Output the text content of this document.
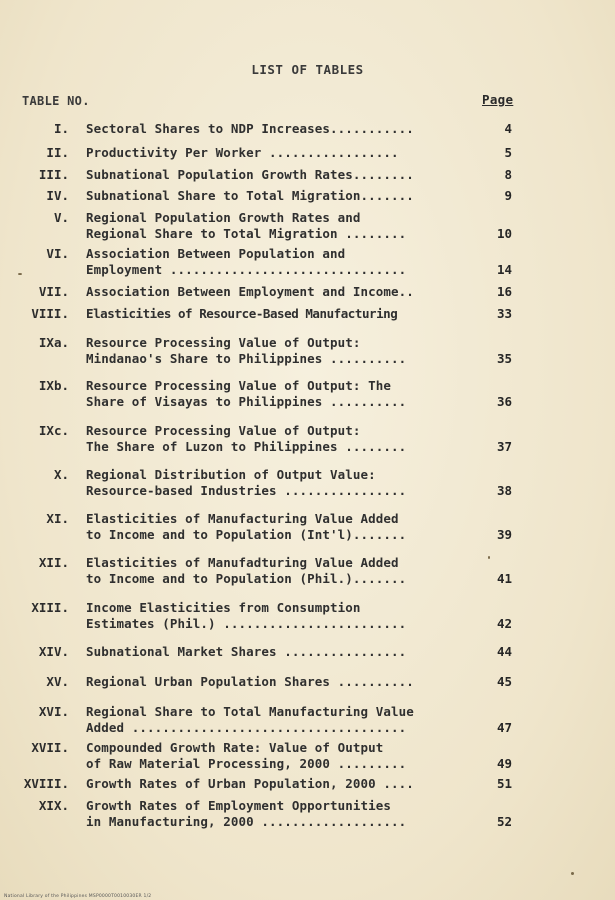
LIST OF TABLES
TABLE NO.	Page
I. Sectoral Shares to NDP Increases...........	4
II. Productivity Per Worker .................	5
III. Subnational Population Growth Rates........	8
IV. Subnational Share to Total Migration.......	9
V. Regional Population Growth Rates and
Regional Share to Total Migration ........	10
VI. Association Between Population and
Employment ...............................	14
VII. Association Between Employment and Income..	16
VIII. Elasticities of Resource-Based Manufacturing	33
IXa. Resource Processing Value of Output:
Mindanao's Share to Philippines ..........	35
IXb. Resource Processing Value of Output: The
Share of Visayas to Philippines ..........	36
IXc. Resource Processing Value of Output:
The Share of Luzon to Philippines ........	37
X. Regional Distribution of Output Value:
Resource-based Industries ................	38
XI. Elasticities of Manufacturing Value Added
to Income and to Population (Int'l).......	39
XII. Elasticities of Manufadturing Value Added
to Income and to Population (Phil.).......	41
XIII. Income Elasticities from Consumption
Estimates (Phil.) ........................	42
XIV. Subnational Market Shares ................	44
XV. Regional Urban Population Shares ..........	45
XVI. Regional Share to Total Manufacturing Value
Added ....................................	47
XVII. Compounded Growth Rate: Value of Output
of Raw Material Processing, 2000 .........	49
XVIII. Growth Rates of Urban Population, 2000 ....	51
XIX. Growth Rates of Employment Opportunities
in Manufacturing, 2000 ...................	52
National Library of the Philippines MSP0000T0010030ER 1/2
